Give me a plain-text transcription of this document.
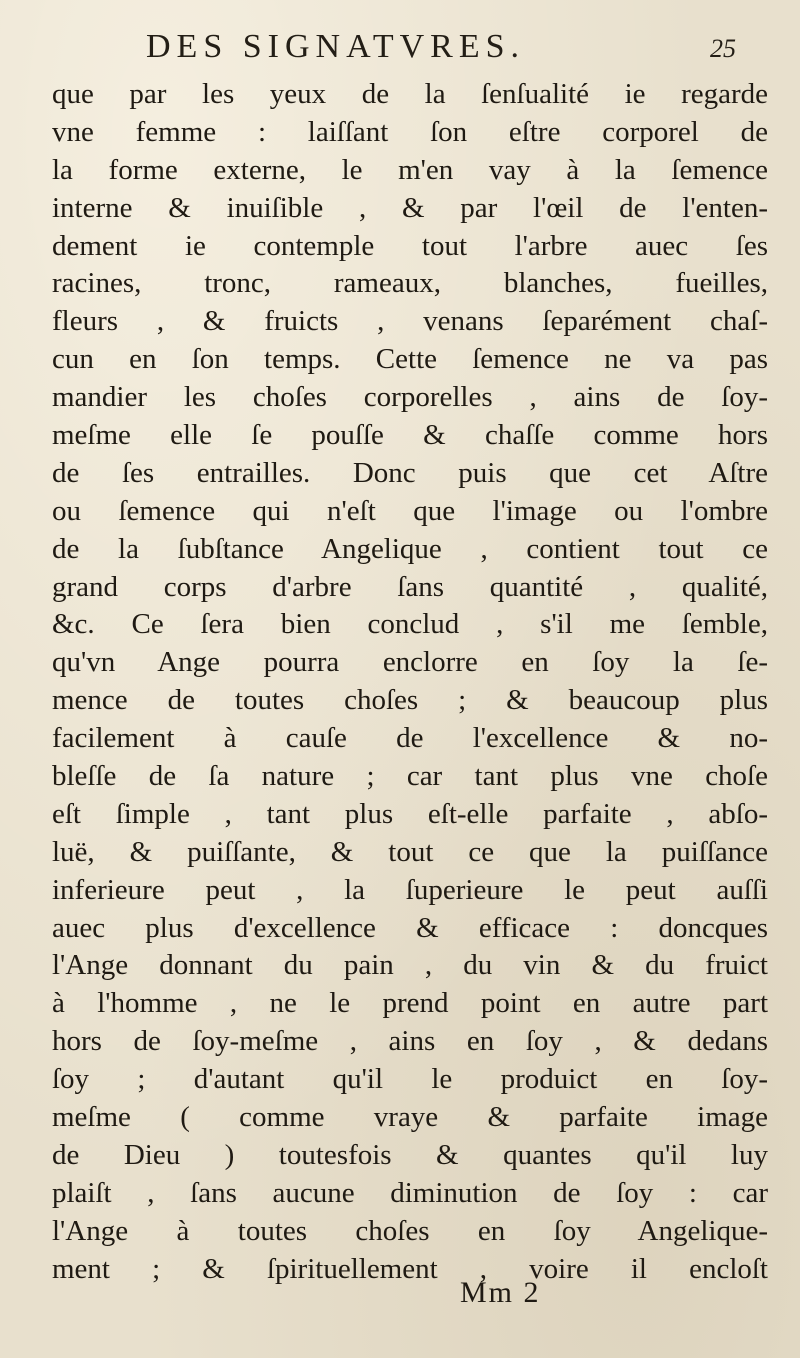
DES SIGNATVRES.	25
que par les yeux de la ſenſualité ie regarde
vne femme : laiſſant ſon eſtre corporel de
la forme externe, le m'en vay à la ſemence
interne & inuiſible , & par l'œil de l'enten-
dement ie contemple tout l'arbre auec ſes
racines, tronc, rameaux, blanches, fueilles,
fleurs , & fruicts , venans ſeparément chaſ-
cun en ſon temps. Cette ſemence ne va pas
mandier les choſes corporelles , ains de ſoy-
meſme elle ſe pouſſe & chaſſe comme hors
de ſes entrailles. Donc puis que cet Aſtre
ou ſemence qui n'eſt que l'image ou l'ombre
de la ſubſtance Angelique , contient tout ce
grand corps d'arbre ſans quantité , qualité,
&c. Ce ſera bien conclud , s'il me ſemble,
qu'vn Ange pourra enclorre en ſoy la ſe-
mence de toutes choſes ; & beaucoup plus
facilement à cauſe de l'excellence & no-
bleſſe de ſa nature ; car tant plus vne choſe
eſt ſimple , tant plus eſt-elle parfaite , abſo-
luë, & puiſſante, & tout ce que la puiſſance
inferieure peut , la ſuperieure le peut auſſi
auec plus d'excellence & efficace : doncques
l'Ange donnant du pain , du vin & du fruict
à l'homme , ne le prend point en autre part
hors de ſoy-meſme , ains en ſoy , & dedans
ſoy ; d'autant qu'il le produict en ſoy-
meſme ( comme vraye & parfaite image
de Dieu ) toutesfois & quantes qu'il luy
plaiſt , ſans aucune diminution de ſoy : car
l'Ange à toutes choſes en ſoy Angelique-
ment ; & ſpirituellement , voire il encloſt
Mm 2
